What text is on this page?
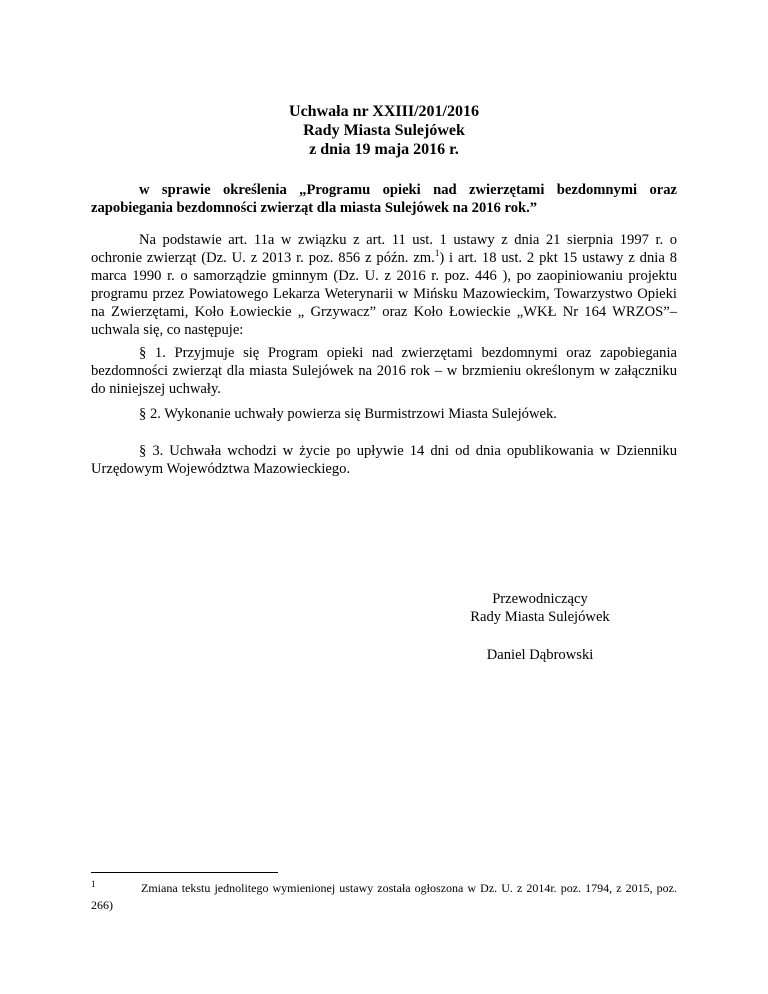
Uchwała nr XXIII/201/2016
Rady Miasta Sulejówek
z dnia 19 maja 2016 r.
w sprawie określenia „Programu opieki nad zwierzętami bezdomnymi oraz zapobiegania bezdomności zwierząt dla miasta Sulejówek na 2016 rok.”
Na podstawie art. 11a w związku z art. 11 ust. 1 ustawy z dnia 21 sierpnia 1997 r. o ochronie zwierząt (Dz. U. z 2013 r. poz. 856 z późn. zm.$^1$) i art. 18 ust. 2 pkt 15 ustawy z dnia 8 marca 1990 r. o samorządzie gminnym (Dz. U. z 2016 r. poz. 446 ), po zaopiniowaniu projektu programu przez Powiatowego Lekarza Weterynarii w Mińsku Mazowieckim, Towarzystwo Opieki na Zwierzętami, Koło Łowieckie „ Grzywacz” oraz Koło Łowieckie „WKŁ Nr 164 WRZOS”– uchwala się, co następuje:
§ 1. Przyjmuje się Program opieki nad zwierzętami bezdomnymi oraz zapobiegania bezdomności zwierząt dla miasta Sulejówek na 2016 rok – w brzmieniu określonym w załączniku do niniejszej uchwały.
§ 2. Wykonanie uchwały powierza się Burmistrzowi Miasta Sulejówek.
§ 3. Uchwała wchodzi w życie po upływie 14 dni od dnia opublikowania w Dzienniku Urzędowym Województwa Mazowieckiego.
Przewodniczący
Rady Miasta Sulejówek
Daniel Dąbrowski
1	Zmiana tekstu jednolitego wymienionej ustawy została ogłoszona w Dz. U. z 2014r. poz. 1794, z 2015, poz. 266)
